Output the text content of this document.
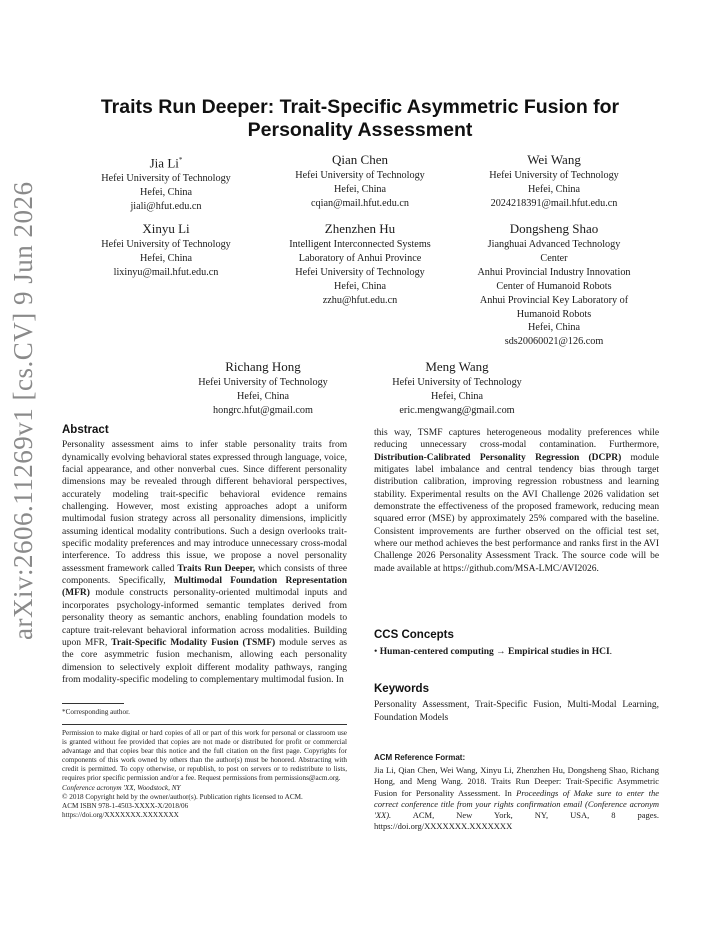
arXiv:2606.11269v1 [cs.CV] 9 Jun 2026
Traits Run Deeper: Trait-Specific Asymmetric Fusion for
Personality Assessment
Jia Li*
Hefei University of Technology
Hefei, China
jiali@hfut.edu.cn
Qian Chen
Hefei University of Technology
Hefei, China
cqian@mail.hfut.edu.cn
Wei Wang
Hefei University of Technology
Hefei, China
2024218391@mail.hfut.edu.cn
Xinyu Li
Hefei University of Technology
Hefei, China
lixinyu@mail.hfut.edu.cn
Zhenzhen Hu
Intelligent Interconnected Systems
Laboratory of Anhui Province
Hefei University of Technology
Hefei, China
zzhu@hfut.edu.cn
Dongsheng Shao
Jianghuai Advanced Technology
Center
Anhui Provincial Industry Innovation
Center of Humanoid Robots
Anhui Provincial Key Laboratory of
Humanoid Robots
Hefei, China
sds20060021@126.com
Richang Hong
Hefei University of Technology
Hefei, China
hongrc.hfut@gmail.com
Meng Wang
Hefei University of Technology
Hefei, China
eric.mengwang@gmail.com
Abstract
Personality assessment aims to infer stable personality traits from dynamically evolving behavioral states expressed through language, voice, facial appearance, and other nonverbal cues. Since different personality dimensions may be revealed through different behavioral perspectives, accurately modeling trait-specific behavioral evidence remains challenging. However, most existing approaches adopt a uniform multimodal fusion strategy across all personality dimensions, implicitly assuming identical modality contributions. Such a design overlooks trait-specific modality preferences and may introduce unnecessary cross-modal interference. To address this issue, we propose a novel personality assessment framework called Traits Run Deeper, which consists of three components. Specifically, Multimodal Foundation Representation (MFR) module constructs personality-oriented multimodal inputs and incorporates psychology-informed semantic templates derived from personality theory as semantic anchors, enabling foundation models to capture trait-relevant behavioral information across modalities. Building upon MFR, Trait-Specific Modality Fusion (TSMF) module serves as the core asymmetric fusion mechanism, allowing each personality dimension to selectively exploit different modality pathways, ranging from modality-specific modeling to complementary multimodal fusion. In
*Corresponding author.
Permission to make digital or hard copies of all or part of this work for personal or classroom use is granted without fee provided that copies are not made or distributed for profit or commercial advantage and that copies bear this notice and the full citation on the first page. Copyrights for components of this work owned by others than the author(s) must be honored. Abstracting with credit is permitted. To copy otherwise, or republish, to post on servers or to redistribute to lists, requires prior specific permission and/or a fee. Request permissions from permissions@acm.org.
Conference acronym 'XX, Woodstock, NY
© 2018 Copyright held by the owner/author(s). Publication rights licensed to ACM.
ACM ISBN 978-1-4503-XXXX-X/2018/06
https://doi.org/XXXXXXX.XXXXXXX
CCS Concepts
• Human-centered computing → Empirical studies in HCI.
Keywords
Personality Assessment, Trait-Specific Fusion, Multi-Modal Learning, Foundation Models
ACM Reference Format:
Jia Li, Qian Chen, Wei Wang, Xinyu Li, Zhenzhen Hu, Dongsheng Shao, Richang Hong, and Meng Wang. 2018. Traits Run Deeper: Trait-Specific Asymmetric Fusion for Personality Assessment. In Proceedings of Make sure to enter the correct conference title from your rights confirmation email (Conference acronym 'XX). ACM, New York, NY, USA, 8 pages. https://doi.org/XXXXXXX.XXXXXXX
this way, TSMF captures heterogeneous modality preferences while reducing unnecessary cross-modal contamination. Furthermore, Distribution-Calibrated Personality Regression (DCPR) module mitigates label imbalance and central tendency bias through target distribution calibration, improving regression robustness and learning stability. Experimental results on the AVI Challenge 2026 validation set demonstrate the effectiveness of the proposed framework, reducing mean squared error (MSE) by approximately 25% compared with the baseline. Consistent improvements are further observed on the official test set, where our method achieves the best performance and ranks first in the AVI Challenge 2026 Personality Assessment Track. The source code will be made available at https://github.com/MSA-LMC/AVI2026.
